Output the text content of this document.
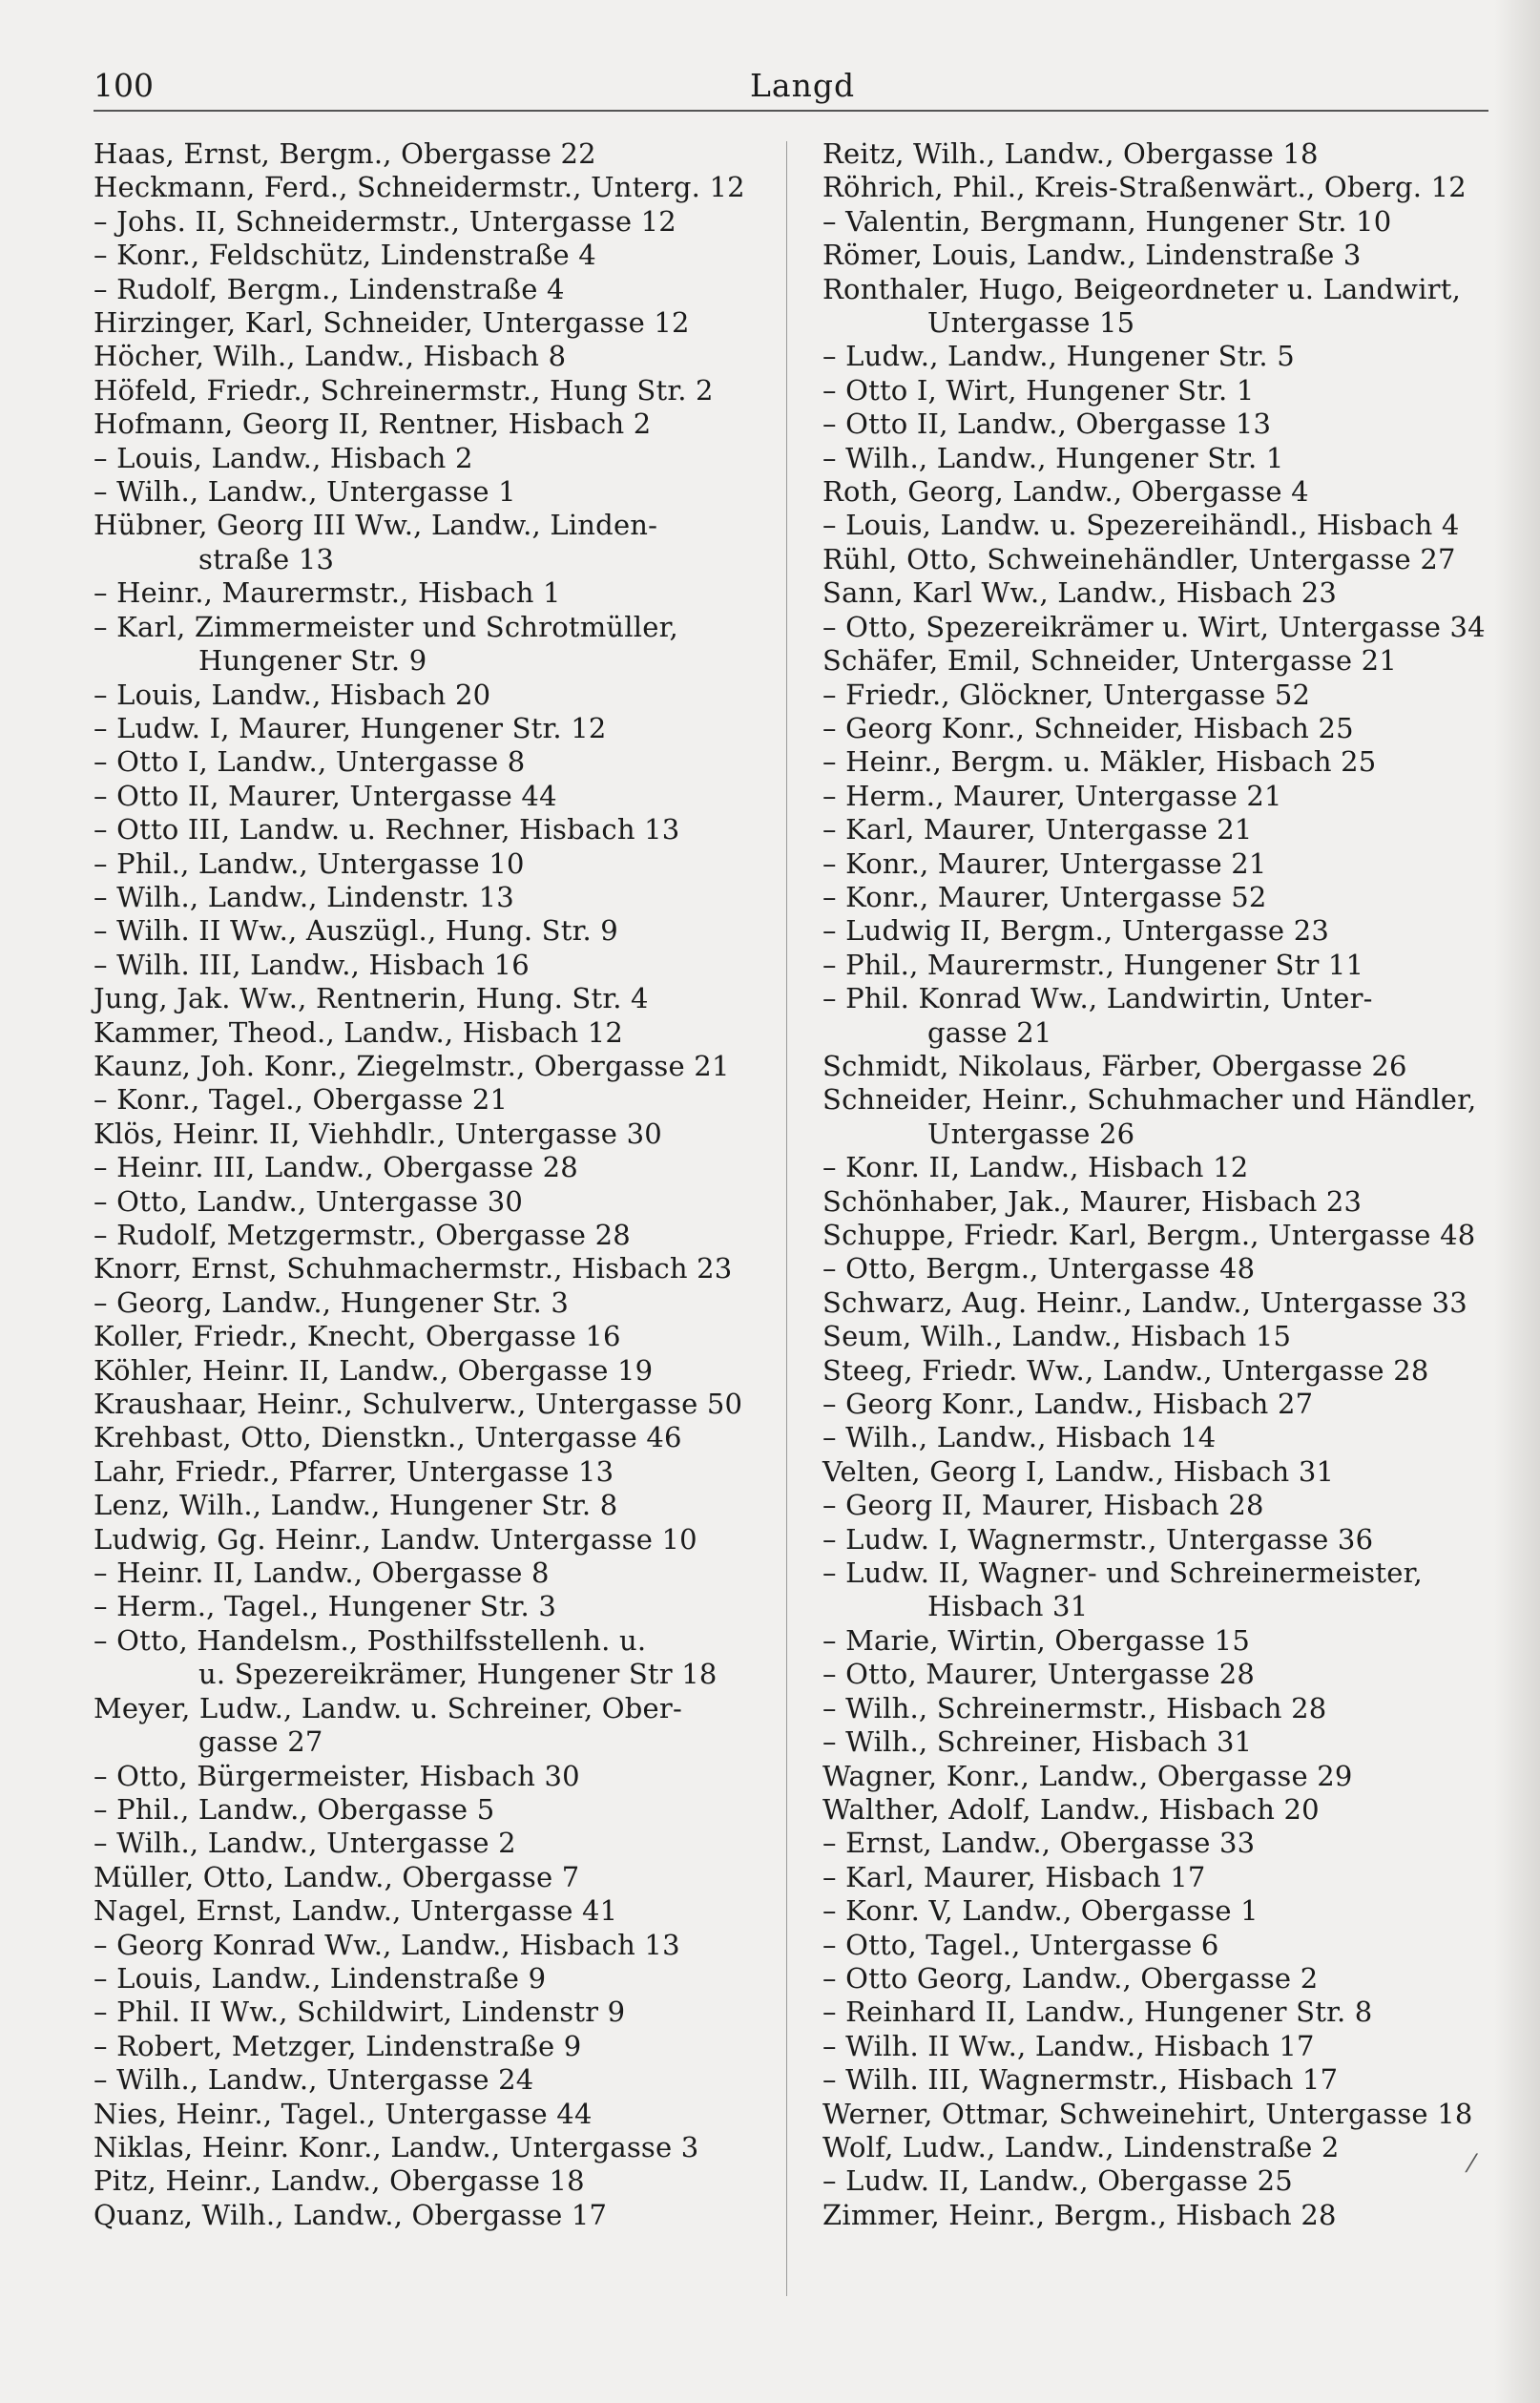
100	Langd
Haas, Ernst, Bergm., Obergasse 22
Heckmann, Ferd., Schneidermstr., Unterg. 12
– Johs. II, Schneidermstr., Untergasse 12
– Konr., Feldschütz, Lindenstraße 4
– Rudolf, Bergm., Lindenstraße 4
Hirzinger, Karl, Schneider, Untergasse 12
Höcher, Wilh., Landw., Hisbach 8
Höfeld, Friedr., Schreinermstr., Hung Str. 2
Hofmann, Georg II, Rentner, Hisbach 2
– Louis, Landw., Hisbach 2
– Wilh., Landw., Untergasse 1
Hübner, Georg III Ww., Landw., Linden-
straße 13
– Heinr., Maurermstr., Hisbach 1
– Karl, Zimmermeister und Schrotmüller,
Hungener Str. 9
– Louis, Landw., Hisbach 20
– Ludw. I, Maurer, Hungener Str. 12
– Otto I, Landw., Untergasse 8
– Otto II, Maurer, Untergasse 44
– Otto III, Landw. u. Rechner, Hisbach 13
– Phil., Landw., Untergasse 10
– Wilh., Landw., Lindenstr. 13
– Wilh. II Ww., Auszügl., Hung. Str. 9
– Wilh. III, Landw., Hisbach 16
Jung, Jak. Ww., Rentnerin, Hung. Str. 4
Kammer, Theod., Landw., Hisbach 12
Kaunz, Joh. Konr., Ziegelmstr., Obergasse 21
– Konr., Tagel., Obergasse 21
Klös, Heinr. II, Viehhdlr., Untergasse 30
– Heinr. III, Landw., Obergasse 28
– Otto, Landw., Untergasse 30
– Rudolf, Metzgermstr., Obergasse 28
Knorr, Ernst, Schuhmachermstr., Hisbach 23
– Georg, Landw., Hungener Str. 3
Koller, Friedr., Knecht, Obergasse 16
Köhler, Heinr. II, Landw., Obergasse 19
Kraushaar, Heinr., Schulverw., Untergasse 50
Krehbast, Otto, Dienstkn., Untergasse 46
Lahr, Friedr., Pfarrer, Untergasse 13
Lenz, Wilh., Landw., Hungener Str. 8
Ludwig, Gg. Heinr., Landw. Untergasse 10
– Heinr. II, Landw., Obergasse 8
– Herm., Tagel., Hungener Str. 3
– Otto, Handelsm., Posthilfsstellenh. u.
u. Spezereikrämer, Hungener Str 18
Meyer, Ludw., Landw. u. Schreiner, Ober-
gasse 27
– Otto, Bürgermeister, Hisbach 30
– Phil., Landw., Obergasse 5
– Wilh., Landw., Untergasse 2
Müller, Otto, Landw., Obergasse 7
Nagel, Ernst, Landw., Untergasse 41
– Georg Konrad Ww., Landw., Hisbach 13
– Louis, Landw., Lindenstraße 9
– Phil. II Ww., Schildwirt, Lindenstr 9
– Robert, Metzger, Lindenstraße 9
– Wilh., Landw., Untergasse 24
Nies, Heinr., Tagel., Untergasse 44
Niklas, Heinr. Konr., Landw., Untergasse 3
Pitz, Heinr., Landw., Obergasse 18
Quanz, Wilh., Landw., Obergasse 17
Reitz, Wilh., Landw., Obergasse 18
Röhrich, Phil., Kreis-Straßenwärt., Oberg. 12
– Valentin, Bergmann, Hungener Str. 10
Römer, Louis, Landw., Lindenstraße 3
Ronthaler, Hugo, Beigeordneter u. Landwirt,
Untergasse 15
– Ludw., Landw., Hungener Str. 5
– Otto I, Wirt, Hungener Str. 1
– Otto II, Landw., Obergasse 13
– Wilh., Landw., Hungener Str. 1
Roth, Georg, Landw., Obergasse 4
– Louis, Landw. u. Spezereihändl., Hisbach 4
Rühl, Otto, Schweinehändler, Untergasse 27
Sann, Karl Ww., Landw., Hisbach 23
– Otto, Spezereikrämer u. Wirt, Untergasse 34
Schäfer, Emil, Schneider, Untergasse 21
– Friedr., Glöckner, Untergasse 52
– Georg Konr., Schneider, Hisbach 25
– Heinr., Bergm. u. Mäkler, Hisbach 25
– Herm., Maurer, Untergasse 21
– Karl, Maurer, Untergasse 21
– Konr., Maurer, Untergasse 21
– Konr., Maurer, Untergasse 52
– Ludwig II, Bergm., Untergasse 23
– Phil., Maurermstr., Hungener Str 11
– Phil. Konrad Ww., Landwirtin, Unter-
gasse 21
Schmidt, Nikolaus, Färber, Obergasse 26
Schneider, Heinr., Schuhmacher und Händler,
Untergasse 26
– Konr. II, Landw., Hisbach 12
Schönhaber, Jak., Maurer, Hisbach 23
Schuppe, Friedr. Karl, Bergm., Untergasse 48
– Otto, Bergm., Untergasse 48
Schwarz, Aug. Heinr., Landw., Untergasse 33
Seum, Wilh., Landw., Hisbach 15
Steeg, Friedr. Ww., Landw., Untergasse 28
– Georg Konr., Landw., Hisbach 27
– Wilh., Landw., Hisbach 14
Velten, Georg I, Landw., Hisbach 31
– Georg II, Maurer, Hisbach 28
– Ludw. I, Wagnermstr., Untergasse 36
– Ludw. II, Wagner- und Schreinermeister,
Hisbach 31
– Marie, Wirtin, Obergasse 15
– Otto, Maurer, Untergasse 28
– Wilh., Schreinermstr., Hisbach 28
– Wilh., Schreiner, Hisbach 31
Wagner, Konr., Landw., Obergasse 29
Walther, Adolf, Landw., Hisbach 20
– Ernst, Landw., Obergasse 33
– Karl, Maurer, Hisbach 17
– Konr. V, Landw., Obergasse 1
– Otto, Tagel., Untergasse 6
– Otto Georg, Landw., Obergasse 2
– Reinhard II, Landw., Hungener Str. 8
– Wilh. II Ww., Landw., Hisbach 17
– Wilh. III, Wagnermstr., Hisbach 17
Werner, Ottmar, Schweinehirt, Untergasse 18
Wolf, Ludw., Landw., Lindenstraße 2
– Ludw. II, Landw., Obergasse 25
Zimmer, Heinr., Bergm., Hisbach 28
⁄
